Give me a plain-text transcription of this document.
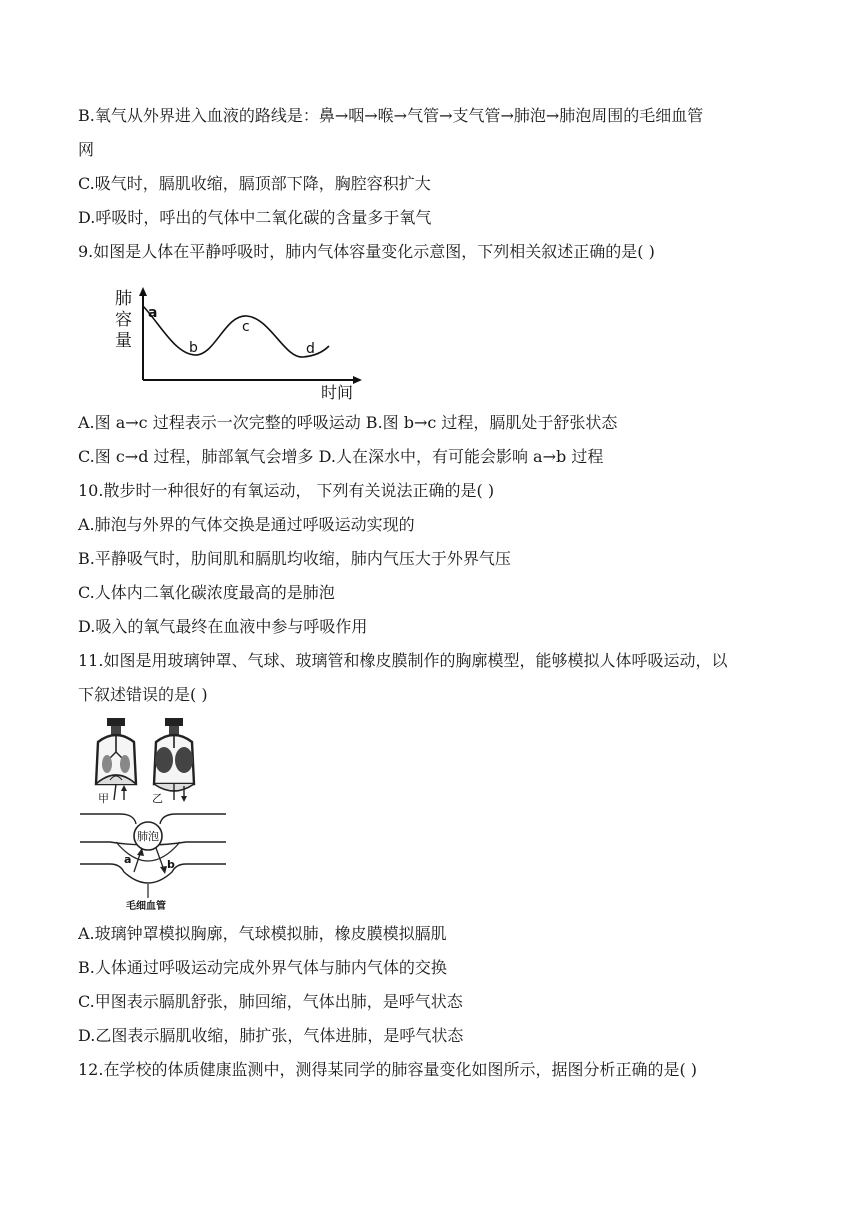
B.氧气从外界进入血液的路线是：鼻→咽→喉→气管→支气管→肺泡→肺泡周围的毛细血管
网
C.吸气时，膈肌收缩，膈顶部下降，胸腔容积扩大
D.呼吸时，呼出的气体中二氧化碳的含量多于氧气
9.如图是人体在平静呼吸时，肺内气体容量变化示意图，下列相关叙述正确的是( )
肺
容
量
a
b
c
d
时间
A.图 a→c 过程表示一次完整的呼吸运动 B.图 b→c 过程，膈肌处于舒张状态
C.图 c→d 过程，肺部氧气会增多 D.人在深水中，有可能会影响 a→b 过程
10.散步时一种很好的有氧运动， 下列有关说法正确的是( )
A.肺泡与外界的气体交换是通过呼吸运动实现的
B.平静吸气时，肋间肌和膈肌均收缩，肺内气压大于外界气压
C.人体内二氧化碳浓度最高的是肺泡
D.吸入的氧气最终在血液中参与呼吸作用
11.如图是用玻璃钟罩、气球、玻璃管和橡皮膜制作的胸廓模型，能够模拟人体呼吸运动，以
下叙述错误的是( )
甲	乙
肺泡
a	b
毛细血管
A.玻璃钟罩模拟胸廓，气球模拟肺，橡皮膜模拟膈肌
B.人体通过呼吸运动完成外界气体与肺内气体的交换
C.甲图表示膈肌舒张，肺回缩，气体出肺，是呼气状态
D.乙图表示膈肌收缩，肺扩张，气体进肺，是呼气状态
12.在学校的体质健康监测中，测得某同学的肺容量变化如图所示，据图分析正确的是( )
